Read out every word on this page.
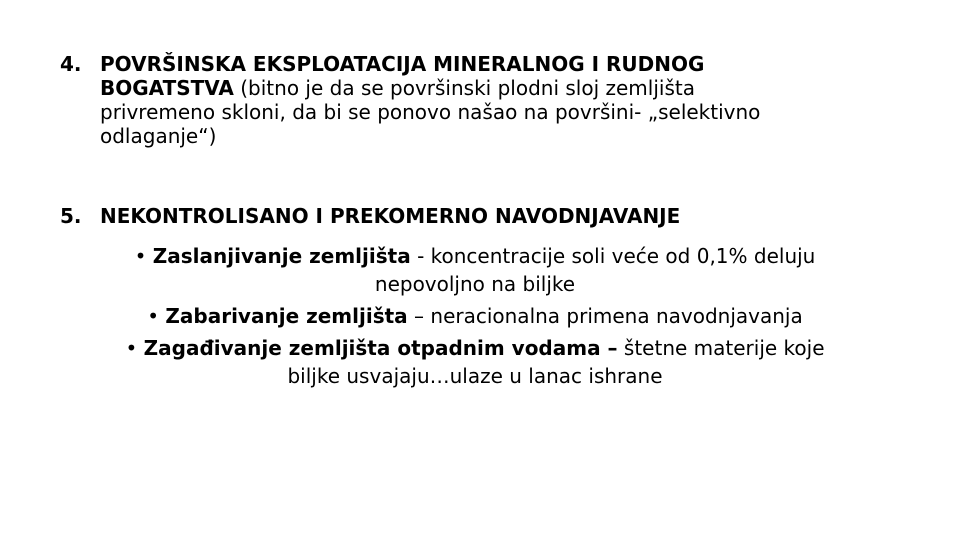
4. POVRŠINSKA EKSPLOATACIJA MINERALNOG I RUDNOG
BOGATSTVA (bitno je da se površinski plodni sloj zemljišta
privremeno skloni, da bi se ponovo našao na površini- „selektivno
odlaganje“)
5. NEKONTROLISANO I PREKOMERNO NAVODNJAVANJE
• Zaslanjivanje zemljišta - koncentracije soli veće od 0,1% deluju
nepovoljno na biljke
• Zabarivanje zemljišta – neracionalna primena navodnjavanja
• Zagađivanje zemljišta otpadnim vodama – štetne materije koje
biljke usvajaju…ulaze u lanac ishrane
